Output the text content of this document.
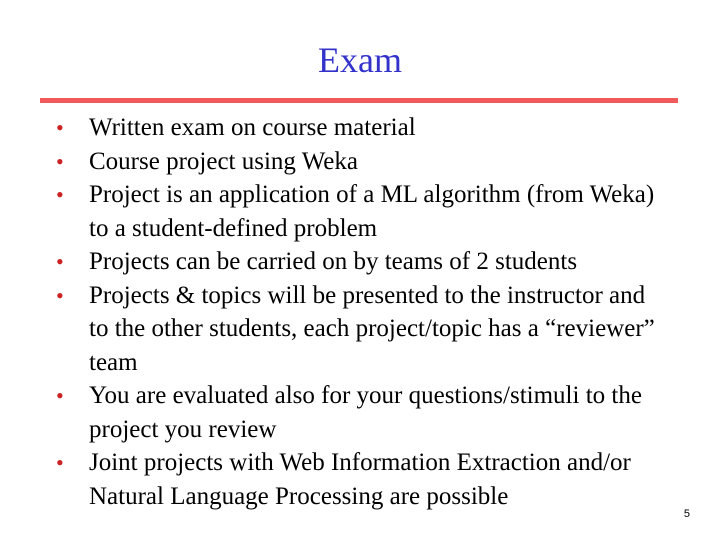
Exam
• Written exam on course material
• Course project using Weka
• Project is an application of a ML algorithm (from Weka) to a student-defined problem
• Projects can be carried on by teams of 2 students
• Projects & topics will be presented to the instructor and to the other students, each project/topic has a “reviewer” team
• You are evaluated also for your questions/stimuli to the project you review
• Joint projects with Web Information Extraction and/or Natural Language Processing are possible
5
